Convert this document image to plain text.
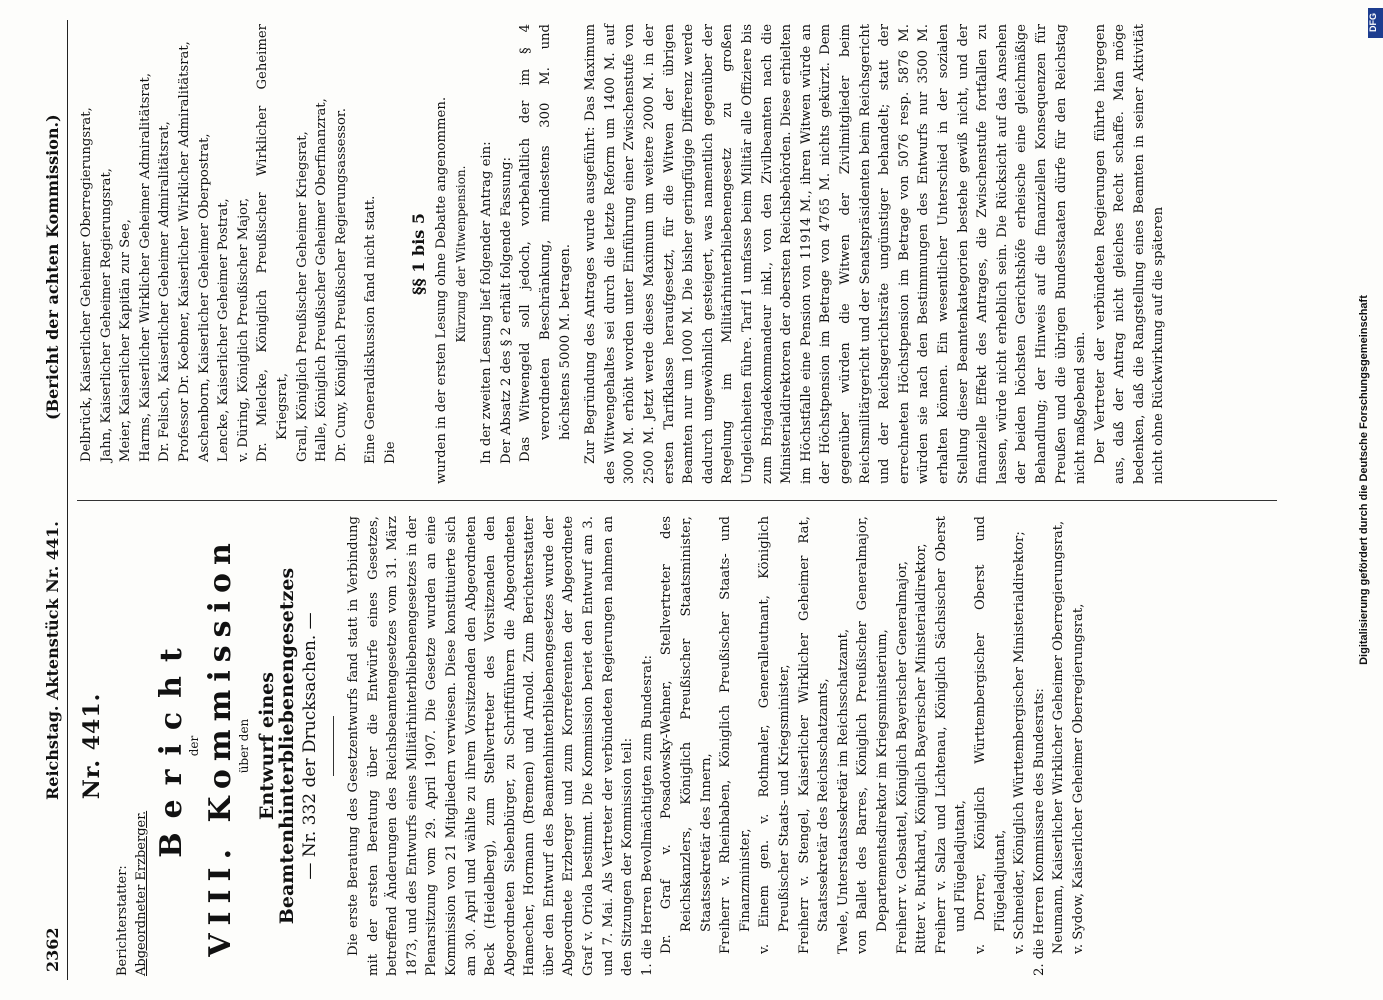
2362
Reichstag. Aktenstück Nr. 441.
(Bericht der achten Kommission.)
Nr. 441.

Berichterstatter: Abgeordneter Erzberger.

Bericht
der VIII. Kommission
über den Entwurf eines Beamtenhinterbliebenengesetzes — Nr. 332 der Drucksachen. — Die erste Beratung des Gesetzentwurfs fand statt in Verbindung mit der ersten Beratung über die Entwürfe eines Gesetzes, betreffend Änderungen des Reichsbeamtengesetzes vom 31. März 1873, und des Entwurfs eines Militärhinterbliebenengesetzes in der Plenarsitzung vom 29. April 1907. Die Gesetze wurden an eine Kommission von 21 Mitgliedern verwiesen. Diese konstituierte sich am 30. April und wählte zu ihrem Vorsitzenden den Abgeordneten Beck (Heidelberg), zum Stellvertreter des Vorsitzenden den Abgeordneten Siebenbürger, zu Schriftführern die Abgeordneten Hamecher, Hormann (Bremen) und Arnold. Zum Berichterstatter über den Entwurf des Beamtenhinterbliebenengesetzes wurde der Abgeordnete Erzberger und zum Korreferenten der Abgeordnete Graf v. Oriola bestimmt. Die Kommission beriet den Entwurf am 3. und 7. Mai. Als Vertreter der verbündeten Regierungen nahmen an den Sitzungen der Kommission teil: 1. die Herren Bevollmächtigten zum Bundesrat: Dr. Graf v. Posadowsky-Wehner, Stellvertreter des Reichskanzlers, Königlich Preußischer Staatsminister, Staatssekretär des Innern, Freiherr v. Rheinbaben, Königlich Preußischer Staats- und Finanzminister, v. Einem gen. v. Rothmaler, Generalleutnant, Königlich Preußischer Staats- und Kriegsminister, Freiherr v. Stengel, Kaiserlicher Wirklicher Geheimer Rat, Staatssekretär des Reichsschatzamts, Twele, Unterstaatssekretär im Reichsschatzamt, von Ballet des Barres, Königlich Preußischer Generalmajor, Departementsdirektor im Kriegsministerium, Freiherr v. Gebsattel, Königlich Bayerischer Generalmajor, Ritter v. Burkhard, Königlich Bayerischer Ministerialdirektor, Freiherr v. Salza und Lichtenau, Königlich Sächsischer Oberst und Flügeladjutant, v. Dorrer, Königlich Württembergischer Oberst und Flügeladjutant, v. Schneider, Königlich Württembergischer Ministerialdirektor; 2. die Herren Kommissare des Bundesrats: Neumann, Kaiserlicher Wirklicher Geheimer Oberregierungsrat, v. Sydow, Kaiserlicher Geheimer Oberregierungsrat,

Delbrück, Kaiserlicher Geheimer Oberregierungsrat, Jahn, Kaiserlicher Geheimer Regierungsrat, Meier, Kaiserlicher Kapitän zur See, Harms, Kaiserlicher Wirklicher Geheimer Admiralitätsrat, Dr. Felisch, Kaiserlicher Geheimer Admiralitätsrat, Professor Dr. Koebner, Kaiserlicher Wirklicher Admiralitätsrat, Aschenborn, Kaiserlicher Geheimer Oberpostrat, Lencke, Kaiserlicher Geheimer Postrat, v. Düring, Königlich Preußischer Major, Dr. Mielcke, Königlich Preußischer Wirklicher Geheimer Kriegsrat, Grall, Königlich Preußischer Geheimer Kriegsrat, Halle, Königlich Preußischer Geheimer Oberfinanzrat, Dr. Cuny, Königlich Preußischer Regierungsassessor. Eine Generaldiskussion fand nicht statt. Die

§§ 1 bis 5 wurden in der ersten Lesung ohne Debatte angenommen. Kürzung der Witwenpension. In der zweiten Lesung lief folgender Antrag ein: Der Absatz 2 des § 2 erhält folgende Fassung: Das Witwengeld soll jedoch, vorbehaltlich der im § 4 verordneten Beschränkung, mindestens 300 M. und höchstens 5000 M. betragen. Zur Begründung des Antrages wurde ausgeführt: Das Maximum des Witwengehaltes sei durch die letzte Reform um 1400 M. auf 3000 M. erhöht worden unter Einführung einer Zwischenstufe von 2500 M. Jetzt werde dieses Maximum um weitere 2000 M. in der ersten Tarifklasse heraufgesetzt, für die Witwen der übrigen Beamten nur um 1000 M. Die bisher geringfügige Differenz werde dadurch ungewöhnlich gesteigert, was namentlich gegenüber der Regelung im Militärhinterbliebenengesetz zu großen Ungleichheiten führe. Tarif 1 umfasse beim Militär alle Offiziere bis zum Brigadekommandeur inkl., von den Zivilbeamten nach die Ministerialdirektoren der obersten Reichsbehörden. Diese erhielten im Höchstfalle eine Pension von 11914 M., ihren Witwen würde an der Höchstpension im Betrage von 4765 M. nichts gekürzt. Dem gegenüber würden die Witwen der Zivilmitglieder beim Reichsmilitärgericht und der Senatspräsidenten beim Reichsgericht und der Reichsgerichtsräte ungünstiger behandelt; statt der errechneten Höchstpension im Betrage von 5076 resp. 5876 M. würden sie nach den Bestimmungen des Entwurfs nur 3500 M. erhalten können. Ein wesentlicher Unterschied in der sozialen Stellung dieser Beamtenkategorien bestehe gewiß nicht, und der finanzielle Effekt des Antrages, die Zwischenstufe fortfallen zu lassen, würde nicht erheblich sein. Die Rücksicht auf das Ansehen der beiden höchsten Gerichtshöfe erheische eine gleichmäßige Behandlung; der Hinweis auf die finanziellen Konsequenzen für Preußen und die übrigen Bundesstaaten dürfe für den Reichstag nicht maßgebend sein. Der Vertreter der verbündeten Regierungen führte hiergegen aus, daß der Antrag nicht gleiches Recht schaffe. Man möge bedenken, daß die Rangstellung eines Beamten in seiner Aktivität nicht ohne Rückwirkung auf die späteren	Digitalisierung gefördert durch die Deutsche Forschungsgemeinschaft
DFG
